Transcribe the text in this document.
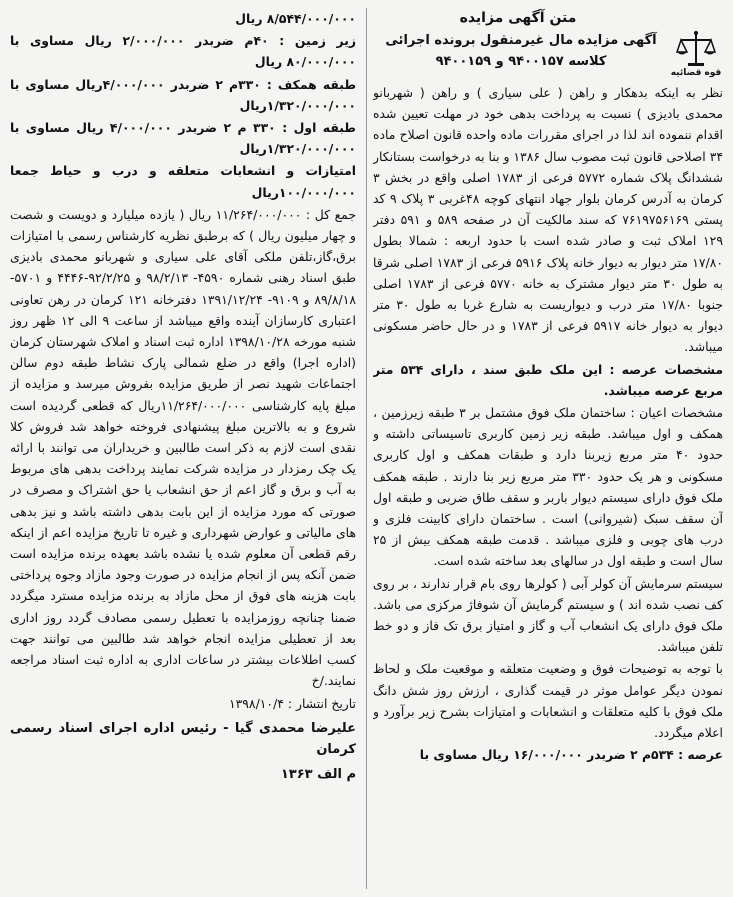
متن آگهی مزایده
قوه قضائیه
آگهی مزایده مال غیرمنقول برونده اجرائی کلاسه ۹۴۰۰۱۵۷ و ۹۴۰۰۱۵۹

نظر به اینکه بدهکار و راهن ( علی سیاری ) و راهن ( شهربانو محمدی بادیزی ) نسبت به پرداخت بدهی خود در مهلت تعیین شده اقدام ننموده اند لذا در اجرای مقررات ماده واحده قانون اصلاح ماده ۳۴ اصلاحی قانون ثبت مصوب سال ۱۳۸۶ و بنا به درخواست بستانکار ششدانگ پلاک شماره ۵۷۷۲ فرعی از ۱۷۸۳ اصلی واقع در بخش ۳ کرمان به آدرس کرمان بلوار جهاد انتهای کوچه ۴۸غربی ۳ پلاک ۹ کد پستی ۷۶۱۹۷۵۶۱۶۹ که سند مالکیت آن در صفحه ۵۸۹ و ۵۹۱ دفتر ۱۲۹ املاک ثبت و صادر شده است با حدود اربعه : شمالا بطول ۱۷/۸۰ متر دیوار به دیوار خانه پلاک ۵۹۱۶ فرعی از ۱۷۸۳ اصلی شرقا به طول ۳۰ متر دیوار مشترک به خانه ۵۷۷۰ فرعی از ۱۷۸۳ اصلی جنوبا ۱۷/۸۰ متر درب و دیواریست به شارع غربا به طول ۳۰ متر دیوار به دیوار خانه ۵۹۱۷ فرعی از ۱۷۸۳ و در حال حاضر مسکونی میباشد.

مشخصات عرصه : این ملک طبق سند ، دارای ۵۳۴ متر مربع عرصه میباشد.

مشخصات اعیان : ساختمان ملک فوق مشتمل بر ۳ طبقه زیرزمین ، همکف و اول میباشد. طبقه زیر زمین کاربری تاسیساتی داشته و حدود ۴۰ متر مربع زیربنا دارد و طبقات همکف و اول کاربری مسکونی و هر یک حدود ۳۳۰ متر مربع زیر بنا دارند . طبقه همکف ملک فوق دارای سیستم دیوار باربر و سقف طاق ضربی و طبقه اول آن سقف سبک (شیروانی) است . ساختمان دارای کابینت فلزی و درب های چوبی و فلزی میباشد . قدمت طبقه همکف بیش از ۲۵ سال است و طبقه اول در سالهای بعد ساخته شده است.

سیستم سرمایش آن کولر آبی ( کولرها روی بام قرار ندارند ، بر روی کف نصب شده اند ) و سیستم گرمایش آن شوفاژ مرکزی می باشد. ملک فوق دارای یک انشعاب آب و گاز و امتیاز برق تک فاز و دو خط تلفن میباشد.

با توجه به توضیحات فوق و وضعیت متعلقه و موقعیت ملک و لحاظ نمودن دیگر عوامل موثر در قیمت گذاری ، ارزش روز شش دانگ ملک فوق با کلیه متعلقات و انشعابات و امتیازات بشرح زیر برآورد و اعلام میگردد.

عرصه : ۵۳۴م ۲ ضربدر ۱۶/۰۰۰/۰۰۰ ریال مساوی با

۸/۵۴۴/۰۰۰/۰۰۰ ریال

زیر زمین : ۴۰م ضربدر ۲/۰۰۰/۰۰۰ ریال مساوی با ۸۰/۰۰۰/۰۰۰ ریال

طبقه همکف : ۳۳۰م ۲ ضربدر ۴/۰۰۰/۰۰۰ریال مساوی با ۱/۳۲۰/۰۰۰/۰۰۰ریال

طبقه اول : ۳۳۰ م ۲ ضربدر ۴/۰۰۰/۰۰۰ ریال مساوی با ۱/۳۲۰/۰۰۰/۰۰۰ریال

امتیازات و انشعابات متعلقه و درب و حیاط جمعا ۱۰۰/۰۰۰/۰۰۰ریال

جمع کل : ۱۱/۲۶۴/۰۰۰/۰۰۰ ریال ( یازده میلیارد و دویست و شصت و چهار میلیون ریال ) که برطبق نظریه کارشناس رسمی با امتیازات برق،گاز،تلفن ملکی آقای علی سیاری و شهربانو محمدی بادیزی طبق اسناد رهنی شماره ۴۵۹۰- ۹۸/۲/۱۳ و ۹۲/۲/۲۵-۴۴۴۶ و ۵۷۰۱- ۸۹/۸/۱۸ و ۹۱۰۹- ۱۳۹۱/۱۲/۲۴ دفترخانه ۱۲۱ کرمان در رهن تعاونی اعتباری کارسازان آینده واقع میباشد از ساعت ۹ الی ۱۲ ظهر روز شنبه مورخه ۱۳۹۸/۱۰/۲۸ اداره ثبت اسناد و املاک شهرستان کرمان (اداره اجرا) واقع در ضلع شمالی پارک نشاط طبقه دوم سالن اجتماعات شهید نصر از طریق مزایده بفروش میرسد و مزایده از مبلغ پایه کارشناسی ۱۱/۲۶۴/۰۰۰/۰۰۰ریال که قطعی گردیده است شروع و به بالاترین مبلغ پیشنهادی فروخته خواهد شد فروش کلا نقدی است لازم به ذکر است طالبین و خریداران می توانند با ارائه یک چک رمزدار در مزایده شرکت نمایند پرداخت بدهی های مربوط به آب و برق و گاز اعم از حق انشعاب یا حق اشتراک و مصرف در صورتی که مورد مزایده از این بابت بدهی داشته باشد و نیز بدهی های مالیاتی و عوارض شهرداری و غیره تا تاریخ مزایده اعم از اینکه رقم قطعی آن معلوم شده یا نشده باشد بعهده برنده مزایده است ضمن آنکه پس از انجام مزایده در صورت وجود مازاد وجوه پرداختی بابت هزینه های فوق از محل مازاد به برنده مزایده مسترد میگردد ضمنا چنانچه روزمزایده با تعطیل رسمی مصادف گردد روز اداری بعد از تعطیلی مزایده انجام خواهد شد طالبین می توانند جهت کسب اطلاعات بیشتر در ساعات اداری به اداره ثبت اسناد مراجعه نمایند./خ

تاریخ انتشار : ۱۳۹۸/۱۰/۴

علیرضا محمدی گیا - رئیس اداره اجرای اسناد رسمی کرمان

م الف ۱۳۶۳
